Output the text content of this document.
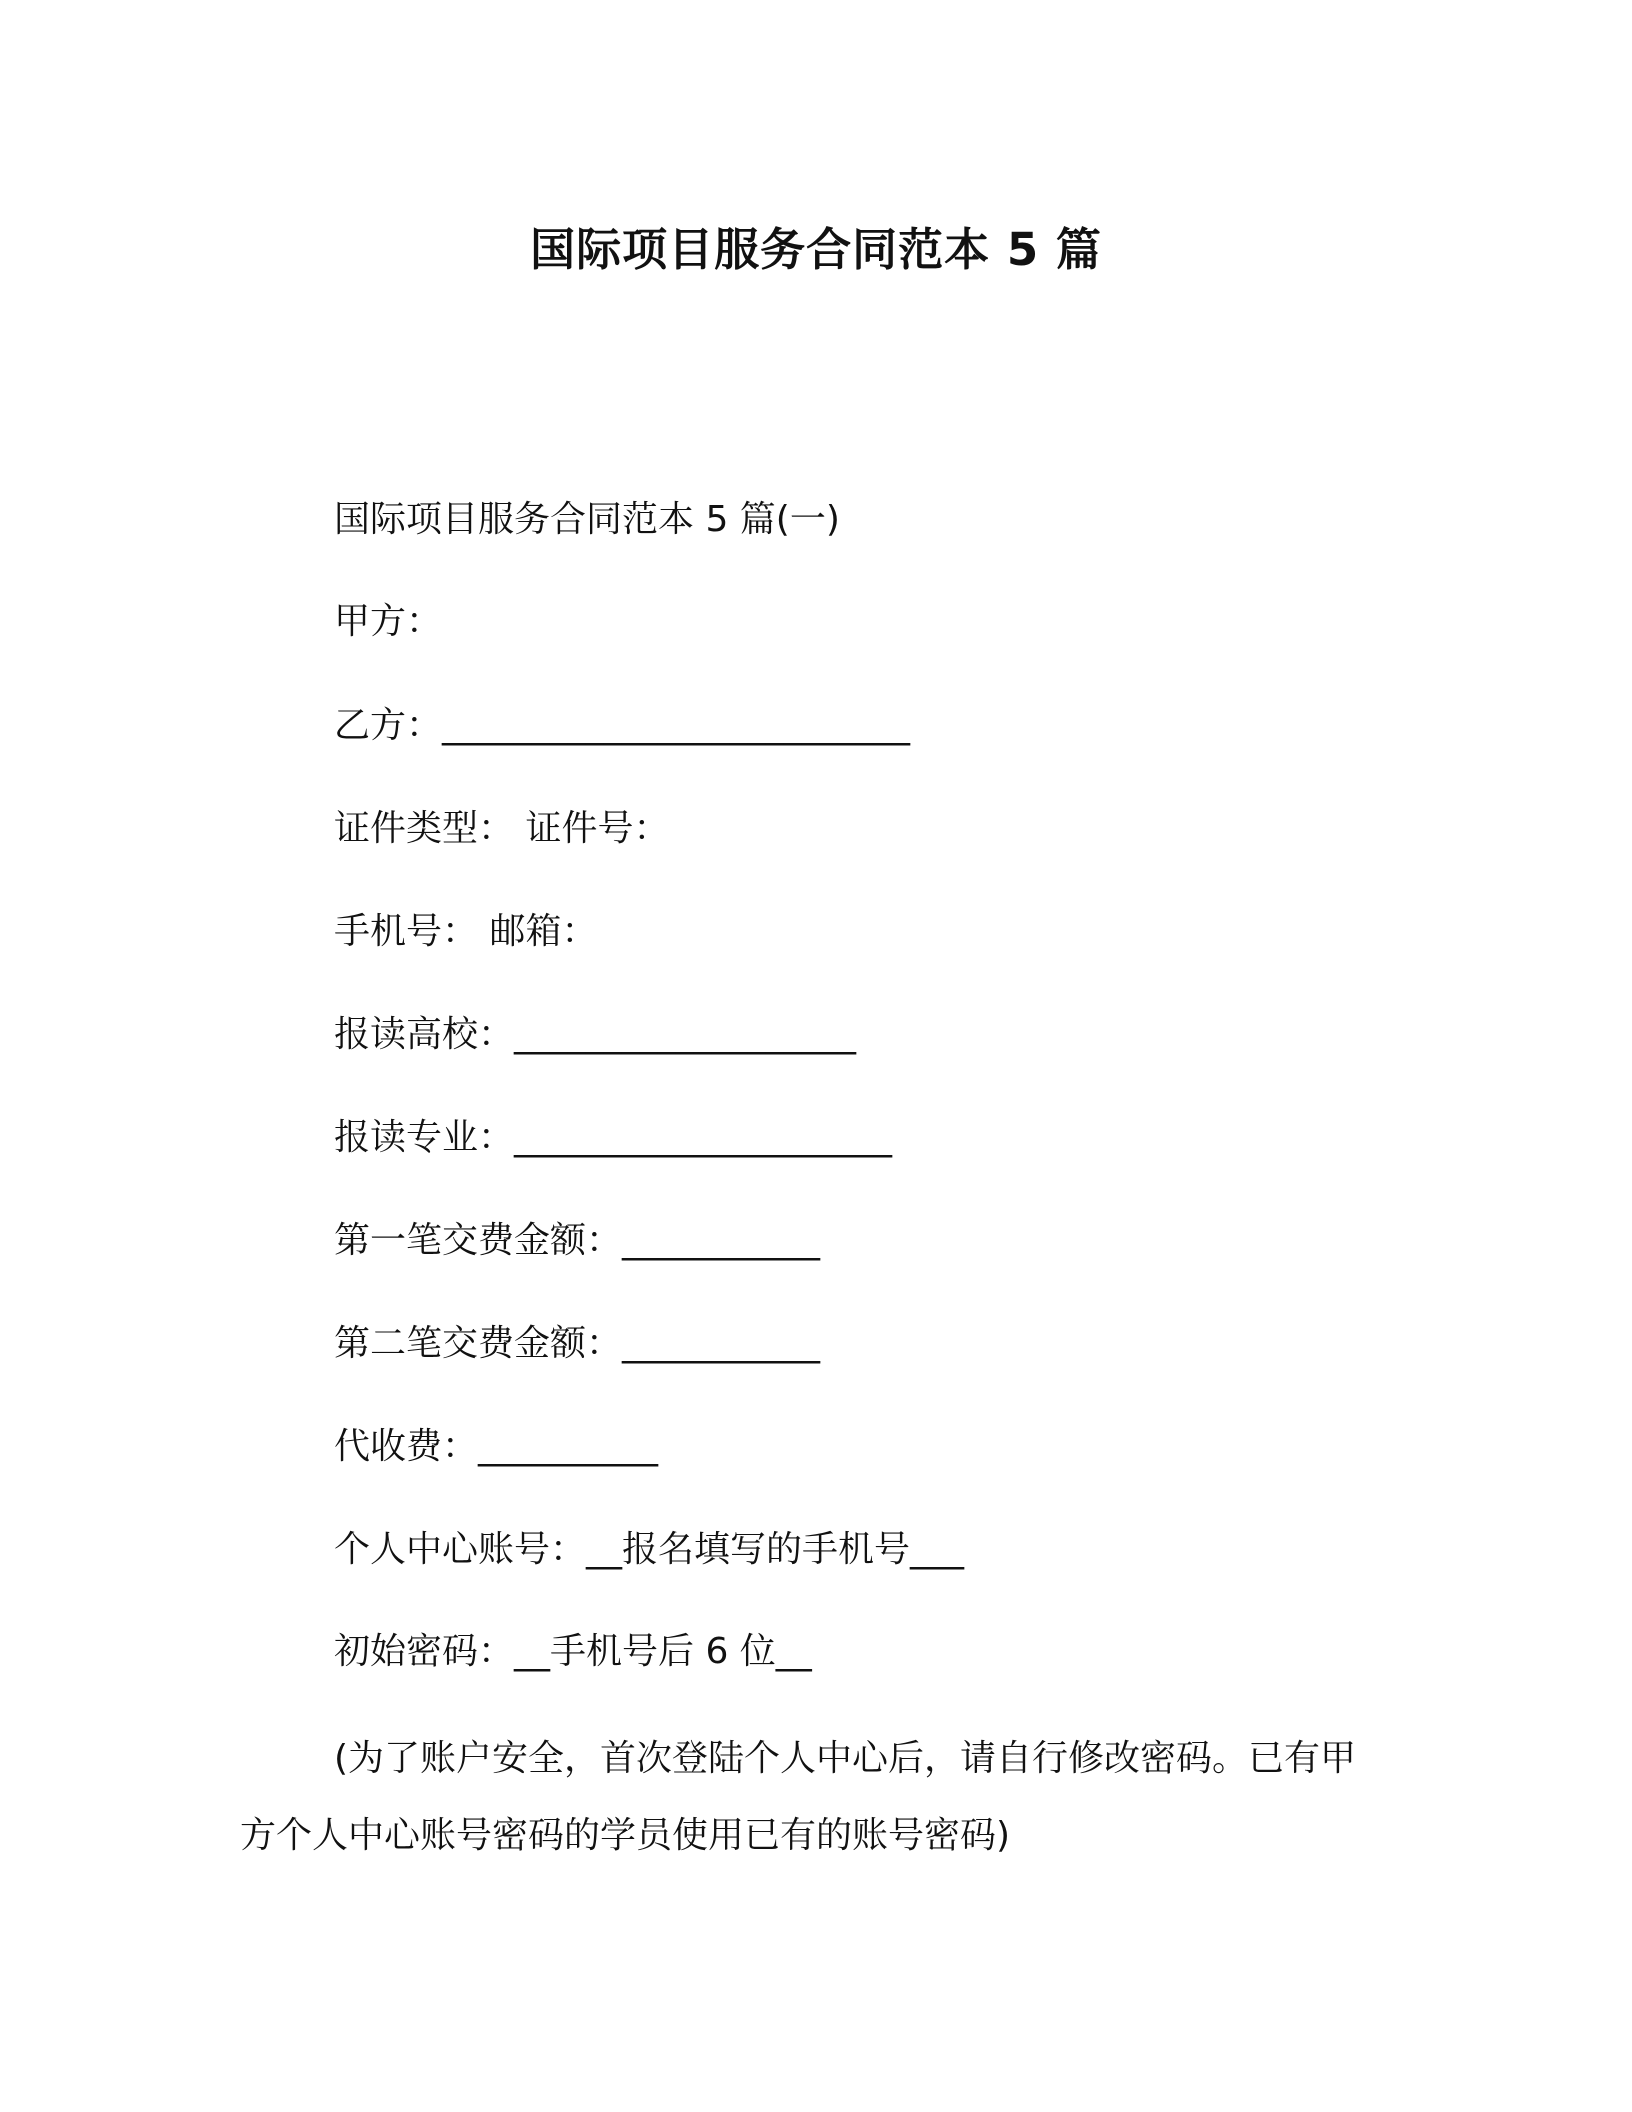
国际项目服务合同范本 5 篇

国际项目服务合同范本 5 篇(一)

甲方：

乙方：__________________________

证件类型： 证件号：

手机号： 邮箱：

报读高校：___________________

报读专业：_____________________

第一笔交费金额：___________

第二笔交费金额：___________

代收费：__________

个人中心账号：__报名填写的手机号___

初始密码：__手机号后 6 位__

(为了账户安全，首次登陆个人中心后，请自行修改密码。已有甲方个人中心账号密码的学员使用已有的账号密码)
